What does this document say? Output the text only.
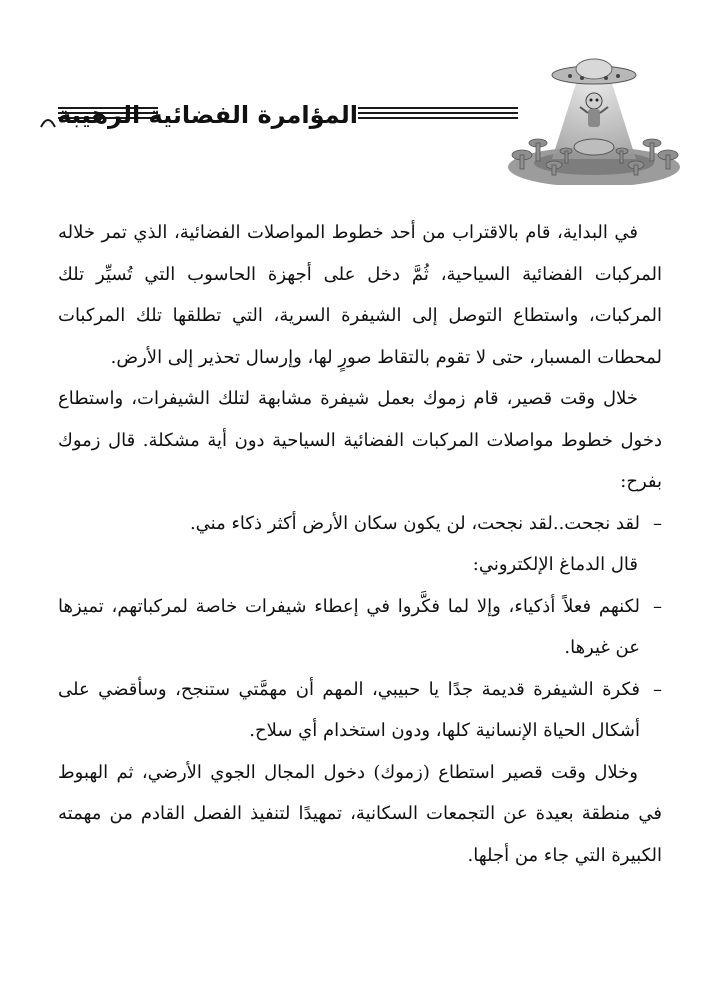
المؤامرة الفضائية الرهيبة

في البداية، قام بالاقتراب من أحد خطوط المواصلات الفضائية، الذي تمر خلاله المركبات الفضائية السياحية، ثُمَّ دخل على أجهزة الحاسوب التي تُسيِّر تلك المركبات، واستطاع التوصل إلى الشيفرة السرية، التي تطلقها تلك المركبات لمحطات المسبار، حتى لا تقوم بالتقاط صورٍ لها، وإرسال تحذير إلى الأرض.

خلال وقت قصير، قام زموك بعمل شيفرة مشابهة لتلك الشيفرات، واستطاع دخول خطوط مواصلات المركبات الفضائية السياحية دون أية مشكلة. قال زموك بفرح:

–
لقد نجحت..لقد نجحت، لن يكون سكان الأرض أكثر ذكاء مني.

قال الدماغ الإلكتروني:

–
لكنهم فعلاً أذكياء، وإلا لما فكَّروا في إعطاء شيفرات خاصة لمركباتهم، تميزها عن غيرها.

–
فكرة الشيفرة قديمة جدًا يا حبيبي، المهم أن مهمَّتي ستنجح، وسأقضي على أشكال الحياة الإنسانية كلها، ودون استخدام أي سلاح.

وخلال وقت قصير استطاع (زموك) دخول المجال الجوي الأرضي، ثم الهبوط في منطقة بعيدة عن التجمعات السكانية، تمهيدًا لتنفيذ الفصل القادم من مهمته الكبيرة التي جاء من أجلها.
